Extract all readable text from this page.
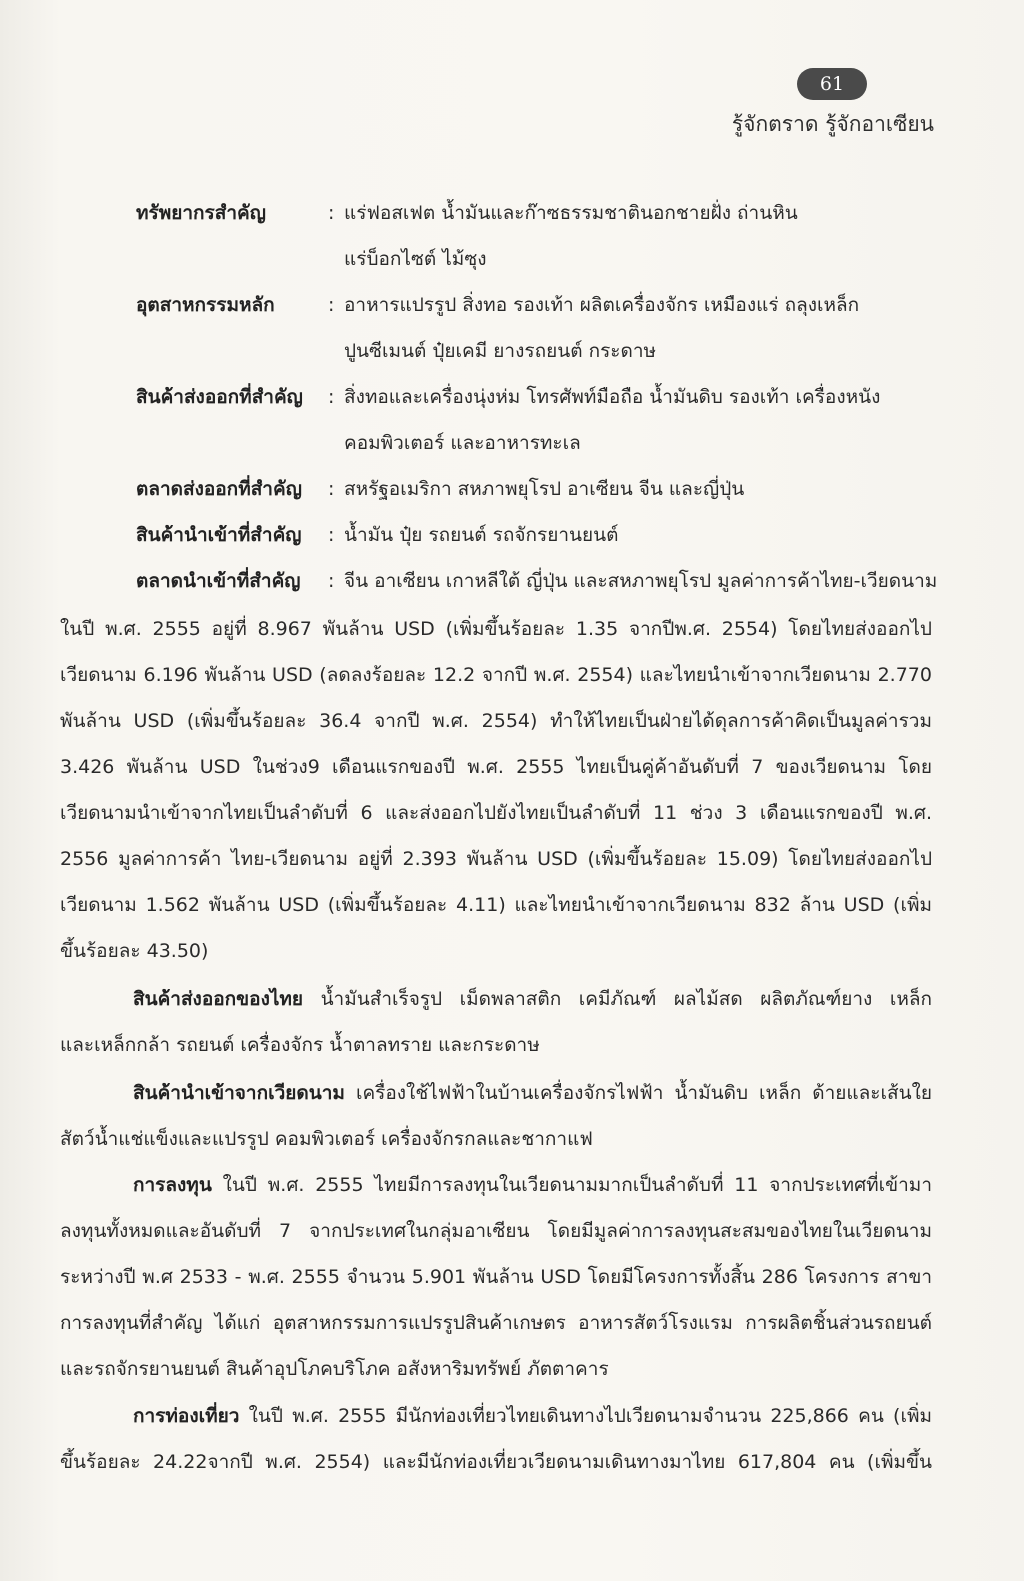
61
รู้จักตราด รู้จักอาเซียน
ทรัพยากรสำคัญ	: แร่ฟอสเฟต น้ำมันและก๊าซธรรมชาตินอกชายฝั่ง ถ่านหิน
แร่บ็อกไซต์ ไม้ซุง
อุตสาหกรรมหลัก	: อาหารแปรรูป สิ่งทอ รองเท้า ผลิตเครื่องจักร เหมืองแร่ ถลุงเหล็ก
ปูนซีเมนต์ ปุ๋ยเคมี ยางรถยนต์ กระดาษ
สินค้าส่งออกที่สำคัญ : สิ่งทอและเครื่องนุ่งห่ม โทรศัพท์มือถือ น้ำมันดิบ รองเท้า เครื่องหนัง
คอมพิวเตอร์ และอาหารทะเล
ตลาดส่งออกที่สำคัญ : สหรัฐอเมริกา สหภาพยุโรป อาเซียน จีน และญี่ปุ่น
สินค้านำเข้าที่สำคัญ : น้ำมัน ปุ๋ย รถยนต์ รถจักรยานยนต์
ตลาดนำเข้าที่สำคัญ : จีน อาเซียน เกาหลีใต้ ญี่ปุ่น และสหภาพยุโรป มูลค่าการค้าไทย-เวียดนาม
ในปี พ.ศ. 2555 อยู่ที่ 8.967 พันล้าน USD (เพิ่มขึ้นร้อยละ 1.35 จากปีพ.ศ. 2554) โดยไทยส่งออกไป
เวียดนาม 6.196 พันล้าน USD (ลดลงร้อยละ 12.2 จากปี พ.ศ. 2554) และไทยนำเข้าจากเวียดนาม 2.770
พันล้าน USD (เพิ่มขึ้นร้อยละ 36.4 จากปี พ.ศ. 2554) ทำให้ไทยเป็นฝ่ายได้ดุลการค้าคิดเป็นมูลค่ารวม
3.426 พันล้าน USD ในช่วง9 เดือนแรกของปี พ.ศ. 2555 ไทยเป็นคู่ค้าอันดับที่ 7 ของเวียดนาม โดย
เวียดนามนำเข้าจากไทยเป็นลำดับที่ 6 และส่งออกไปยังไทยเป็นลำดับที่ 11 ช่วง 3 เดือนแรกของปี พ.ศ.
2556 มูลค่าการค้า ไทย-เวียดนาม อยู่ที่ 2.393 พันล้าน USD (เพิ่มขึ้นร้อยละ 15.09) โดยไทยส่งออกไป
เวียดนาม 1.562 พันล้าน USD (เพิ่มขึ้นร้อยละ 4.11) และไทยนำเข้าจากเวียดนาม 832 ล้าน USD (เพิ่ม
ขึ้นร้อยละ 43.50)
สินค้าส่งออกของไทย น้ำมันสำเร็จรูป เม็ดพลาสติก เคมีภัณฑ์ ผลไม้สด ผลิตภัณฑ์ยาง เหล็ก
และเหล็กกล้า รถยนต์ เครื่องจักร น้ำตาลทราย และกระดาษ
สินค้านำเข้าจากเวียดนาม เครื่องใช้ไฟฟ้าในบ้านเครื่องจักรไฟฟ้า น้ำมันดิบ เหล็ก ด้ายและเส้นใย
สัตว์น้ำแช่แข็งและแปรรูป คอมพิวเตอร์ เครื่องจักรกลและชากาแฟ
การลงทุน ในปี พ.ศ. 2555 ไทยมีการลงทุนในเวียดนามมากเป็นลำดับที่ 11 จากประเทศที่เข้ามา
ลงทุนทั้งหมดและอันดับที่ 7 จากประเทศในกลุ่มอาเซียน โดยมีมูลค่าการลงทุนสะสมของไทยในเวียดนาม
ระหว่างปี พ.ศ 2533 - พ.ศ. 2555 จำนวน 5.901 พันล้าน USD โดยมีโครงการทั้งสิ้น 286 โครงการ สาขา
การลงทุนที่สำคัญ ได้แก่ อุตสาหกรรมการแปรรูปสินค้าเกษตร อาหารสัตว์โรงแรม การผลิตชิ้นส่วนรถยนต์
และรถจักรยานยนต์ สินค้าอุปโภคบริโภค อสังหาริมทรัพย์ ภัตตาคาร
การท่องเที่ยว ในปี พ.ศ. 2555 มีนักท่องเที่ยวไทยเดินทางไปเวียดนามจำนวน 225,866 คน (เพิ่ม
ขึ้นร้อยละ 24.22จากปี พ.ศ. 2554) และมีนักท่องเที่ยวเวียดนามเดินทางมาไทย 617,804 คน (เพิ่มขึ้น
